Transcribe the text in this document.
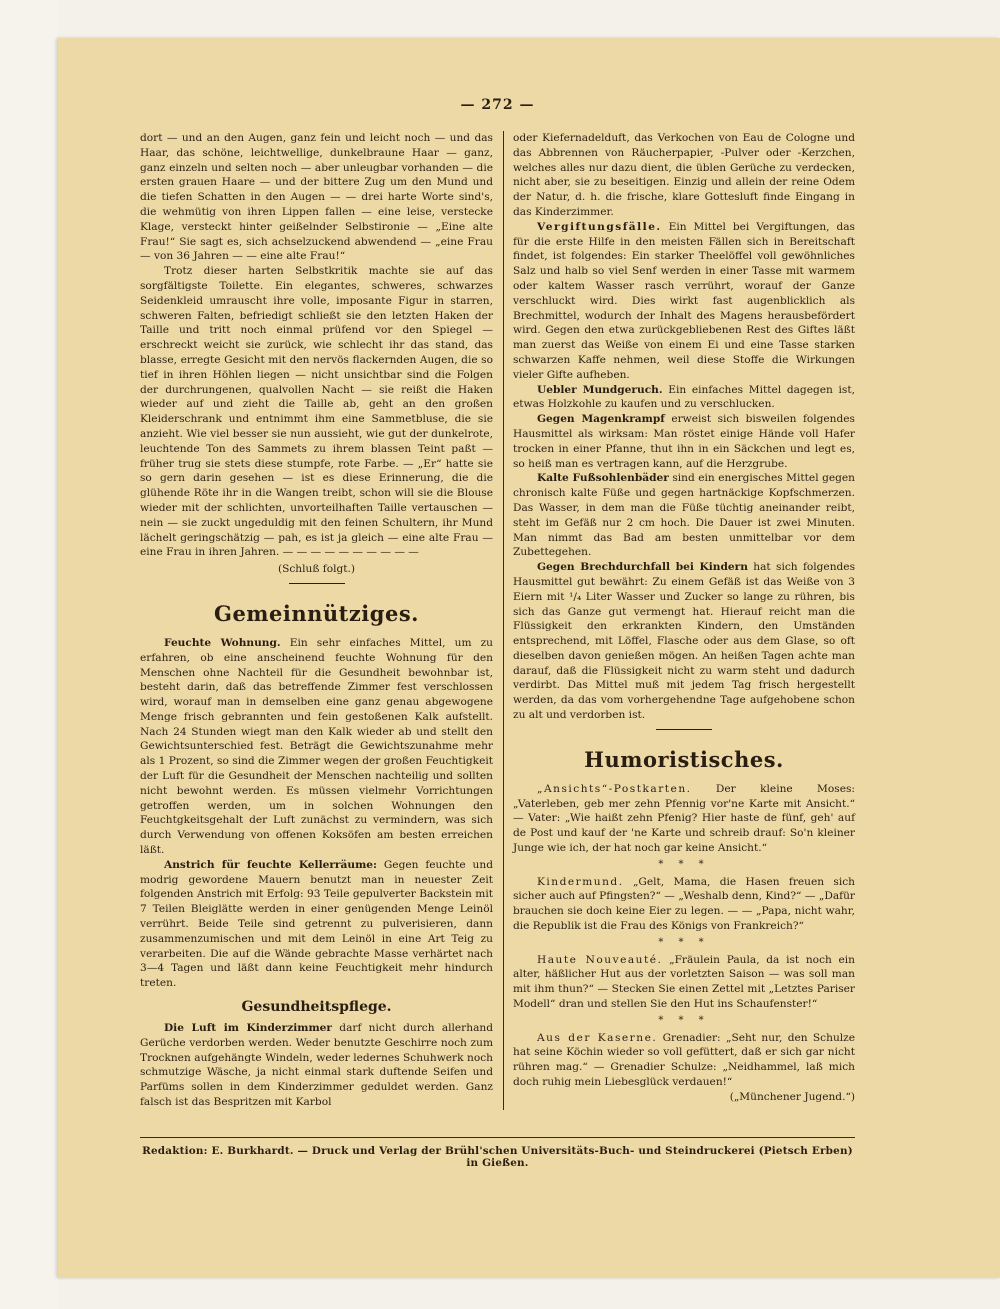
— 272 —

dort — und an den Augen, ganz fein und leicht noch — und das Haar, das schöne, leichtwellige, dunkelbraune Haar — ganz, ganz einzeln und selten noch — aber unleugbar vorhanden — die ersten grauen Haare — und der bittere Zug um den Mund und die tiefen Schatten in den Augen — — drei harte Worte sind's, die wehmütig von ihren Lippen fallen — eine leise, verstecke Klage, versteckt hinter geißelnder Selbstironie — „Eine alte Frau!“ Sie sagt es, sich achselzuckend abwendend — „eine Frau — von 36 Jahren — — eine alte Frau!“

Trotz dieser harten Selbstkritik machte sie auf das sorgfältigste Toilette. Ein elegantes, schweres, schwarzes Seidenkleid umrauscht ihre volle, imposante Figur in starren, schweren Falten, befriedigt schließt sie den letzten Haken der Taille und tritt noch einmal prüfend vor den Spiegel — erschreckt weicht sie zurück, wie schlecht ihr das stand, das blasse, erregte Gesicht mit den nervös flackernden Augen, die so tief in ihren Höhlen liegen — nicht unsichtbar sind die Folgen der durchrungenen, qualvollen Nacht — sie reißt die Haken wieder auf und zieht die Taille ab, geht an den großen Kleiderschrank und entnimmt ihm eine Sammetbluse, die sie anzieht. Wie viel besser sie nun aussieht, wie gut der dunkelrote, leuchtende Ton des Sammets zu ihrem blassen Teint paßt — früher trug sie stets diese stumpfe, rote Farbe. — „Er“ hatte sie so gern darin gesehen — ist es diese Erinnerung, die die glühende Röte ihr in die Wangen treibt, schon will sie die Blouse wieder mit der schlichten, unvorteilhaften Taille vertauschen — nein — sie zuckt ungeduldig mit den feinen Schultern, ihr Mund lächelt geringschätzig — pah, es ist ja gleich — eine alte Frau — eine Frau in ihren Jahren. — — — — — — — — — —

(Schluß folgt.)

Gemeinnütziges.

Feuchte Wohnung. Ein sehr einfaches Mittel, um zu erfahren, ob eine anscheinend feuchte Wohnung für den Menschen ohne Nachteil für die Gesundheit bewohnbar ist, besteht darin, daß das betreffende Zimmer fest verschlossen wird, worauf man in demselben eine ganz genau abgewogene Menge frisch gebrannten und fein gestoßenen Kalk aufstellt. Nach 24 Stunden wiegt man den Kalk wieder ab und stellt den Gewichtsunterschied fest. Beträgt die Gewichtszunahme mehr als 1 Prozent, so sind die Zimmer wegen der großen Feuchtigkeit der Luft für die Gesundheit der Menschen nachteilig und sollten nicht bewohnt werden. Es müssen vielmehr Vorrichtungen getroffen werden, um in solchen Wohnungen den Feuchtgkeitsgehalt der Luft zunächst zu vermindern, was sich durch Verwendung von offenen Koksöfen am besten erreichen läßt.

Anstrich für feuchte Kellerräume: Gegen feuchte und modrig gewordene Mauern benutzt man in neuester Zeit folgenden Anstrich mit Erfolg: 93 Teile gepulverter Backstein mit 7 Teilen Bleiglätte werden in einer genügenden Menge Leinöl verrührt. Beide Teile sind getrennt zu pulverisieren, dann zusammenzumischen und mit dem Leinöl in eine Art Teig zu verarbeiten. Die auf die Wände gebrachte Masse verhärtet nach 3—4 Tagen und läßt dann keine Feuchtigkeit mehr hindurch treten.

Gesundheitspflege.

Die Luft im Kinderzimmer darf nicht durch allerhand Gerüche verdorben werden. Weder benutzte Geschirre noch zum Trocknen aufgehängte Windeln, weder ledernes Schuhwerk noch schmutzige Wäsche, ja nicht einmal stark duftende Seifen und Parfüms sollen in dem Kinderzimmer geduldet werden. Ganz falsch ist das Bespritzen mit Karbol

oder Kiefernadelduft, das Verkochen von Eau de Cologne und das Abbrennen von Räucherpapier, -Pulver oder -Kerzchen, welches alles nur dazu dient, die üblen Gerüche zu verdecken, nicht aber, sie zu beseitigen. Einzig und allein der reine Odem der Natur, d. h. die frische, klare Gottesluft finde Eingang in das Kinderzimmer.

Vergiftungsfälle. Ein Mittel bei Vergiftungen, das für die erste Hilfe in den meisten Fällen sich in Bereitschaft findet, ist folgendes: Ein starker Theelöffel voll gewöhnliches Salz und halb so viel Senf werden in einer Tasse mit warmem oder kaltem Wasser rasch verrührt, worauf der Ganze verschluckt wird. Dies wirkt fast augenblicklich als Brechmittel, wodurch der Inhalt des Magens herausbefördert wird. Gegen den etwa zurückgebliebenen Rest des Giftes läßt man zuerst das Weiße von einem Ei und eine Tasse starken schwarzen Kaffe nehmen, weil diese Stoffe die Wirkungen vieler Gifte aufheben.

Uebler Mundgeruch. Ein einfaches Mittel dagegen ist, etwas Holzkohle zu kaufen und zu verschlucken.

Gegen Magenkrampf erweist sich bisweilen folgendes Hausmittel als wirksam: Man röstet einige Hände voll Hafer trocken in einer Pfanne, thut ihn in ein Säckchen und legt es, so heiß man es vertragen kann, auf die Herzgrube.

Kalte Fußsohlenbäder sind ein energisches Mittel gegen chronisch kalte Füße und gegen hartnäckige Kopfschmerzen. Das Wasser, in dem man die Füße tüchtig aneinander reibt, steht im Gefäß nur 2 cm hoch. Die Dauer ist zwei Minuten. Man nimmt das Bad am besten unmittelbar vor dem Zubettegehen.

Gegen Brechdurchfall bei Kindern hat sich folgendes Hausmittel gut bewährt: Zu einem Gefäß ist das Weiße von 3 Eiern mit ¹/₄ Liter Wasser und Zucker so lange zu rühren, bis sich das Ganze gut vermengt hat. Hierauf reicht man die Flüssigkeit den erkrankten Kindern, den Umständen entsprechend, mit Löffel, Flasche oder aus dem Glase, so oft dieselben davon genießen mögen. An heißen Tagen achte man darauf, daß die Flüssigkeit nicht zu warm steht und dadurch verdirbt. Das Mittel muß mit jedem Tag frisch hergestellt werden, da das vom vorhergehendne Tage aufgehobene schon zu alt und verdorben ist.

Humoristisches.

„Ansichts“-Postkarten. Der kleine Moses: „Vaterleben, geb mer zehn Pfennig vor'ne Karte mit Ansicht.“ — Vater: „Wie haißt zehn Pfenig? Hier haste de fünf, geh' auf de Post und kauf der 'ne Karte und schreib drauf: So'n kleiner Junge wie ich, der hat noch gar keine Ansicht.“

* * *

Kindermund. „Gelt, Mama, die Hasen freuen sich sicher auch auf Pfingsten?“ — „Weshalb denn, Kind?“ — „Dafür brauchen sie doch keine Eier zu legen. — — „Papa, nicht wahr, die Republik ist die Frau des Königs von Frankreich?“

* * *

Haute Nouveauté. „Fräulein Paula, da ist noch ein alter, häßlicher Hut aus der vorletzten Saison — was soll man mit ihm thun?“ — Stecken Sie einen Zettel mit „Letztes Pariser Modell“ dran und stellen Sie den Hut ins Schaufenster!“

* * *

Aus der Kaserne. Grenadier: „Seht nur, den Schulze hat seine Köchin wieder so voll gefüttert, daß er sich gar nicht rühren mag.“ — Grenadier Schulze: „Neidhammel, laß mich doch ruhig mein Liebesglück verdauen!“

(„Münchener Jugend.“)

Redaktion: E. Burkhardt. — Druck und Verlag der Brühl'schen Universitäts-Buch- und Steindruckerei (Pietsch Erben) in Gießen.
